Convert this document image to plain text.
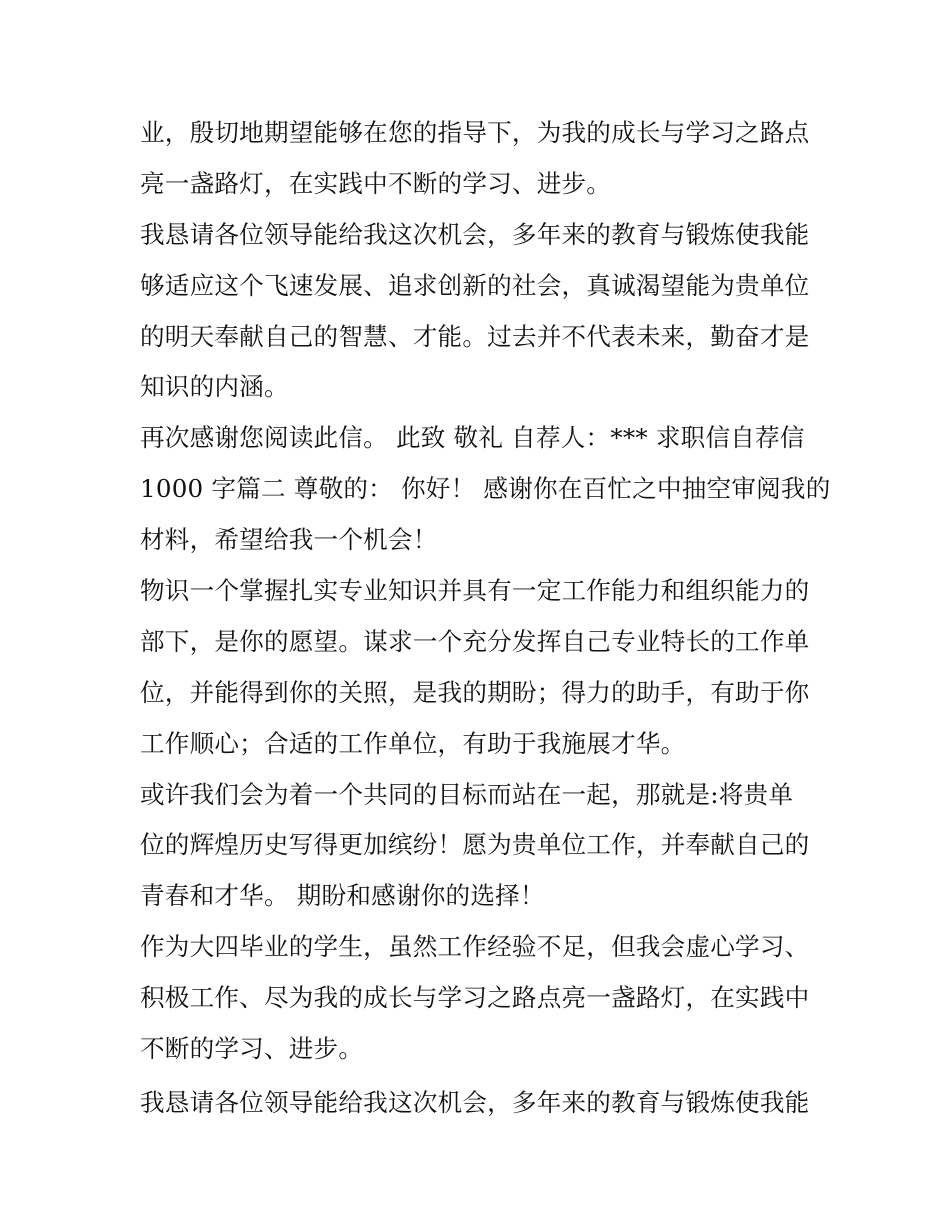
业，殷切地期望能够在您的指导下，为我的成长与学习之路点
亮一盏路灯，在实践中不断的学习、进步。
我恳请各位领导能给我这次机会，多年来的教育与锻炼使我能
够适应这个飞速发展、追求创新的社会，真诚渴望能为贵单位
的明天奉献自己的智慧、才能。过去并不代表未来，勤奋才是
知识的内涵。
再次感谢您阅读此信。 此致 敬礼 自荐人：*** 求职信自荐信
1000 字篇二 尊敬的： 你好！ 感谢你在百忙之中抽空审阅我的
材料，希望给我一个机会！
物识一个掌握扎实专业知识并具有一定工作能力和组织能力的
部下，是你的愿望。谋求一个充分发挥自己专业特长的工作单
位，并能得到你的关照，是我的期盼；得力的助手，有助于你
工作顺心；合适的工作单位，有助于我施展才华。
或许我们会为着一个共同的目标而站在一起，那就是:将贵单
位的辉煌历史写得更加缤纷！愿为贵单位工作，并奉献自己的
青春和才华。 期盼和感谢你的选择！
作为大四毕业的学生，虽然工作经验不足，但我会虚心学习、
积极工作、尽为我的成长与学习之路点亮一盏路灯，在实践中
不断的学习、进步。
我恳请各位领导能给我这次机会，多年来的教育与锻炼使我能
